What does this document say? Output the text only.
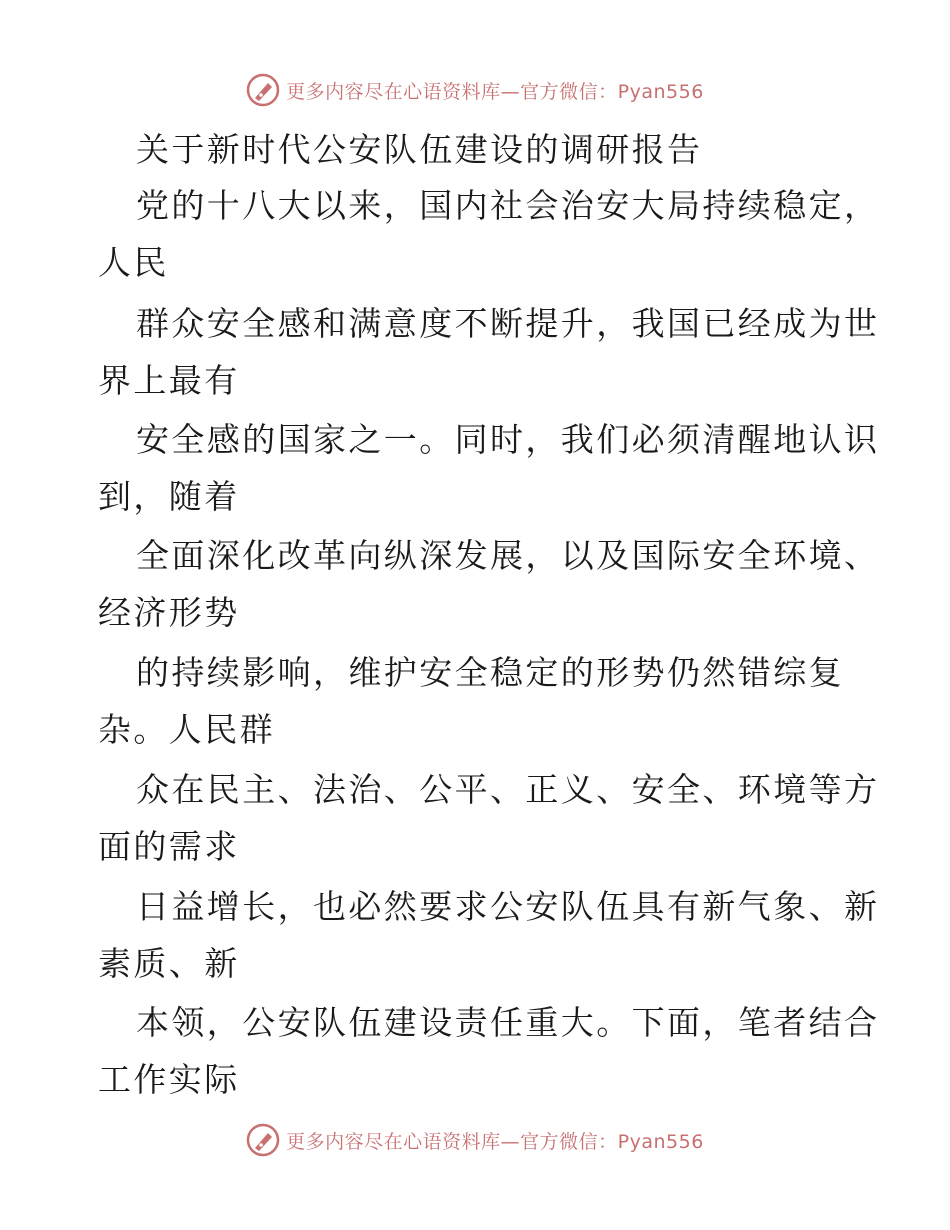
更多内容尽在心语资料库—官方微信：Pyan556
关于新时代公安队伍建设的调研报告
党的十八大以来，国内社会治安大局持续稳定，
人民
群众安全感和满意度不断提升，我国已经成为世
界上最有
安全感的国家之一。同时，我们必须清醒地认识
到，随着
全面深化改革向纵深发展，以及国际安全环境、
经济形势
的持续影响，维护安全稳定的形势仍然错综复
杂。人民群
众在民主、法治、公平、正义、安全、环境等方
面的需求
日益增长，也必然要求公安队伍具有新气象、新
素质、新
本领，公安队伍建设责任重大。下面，笔者结合
工作实际
更多内容尽在心语资料库—官方微信：Pyan556
